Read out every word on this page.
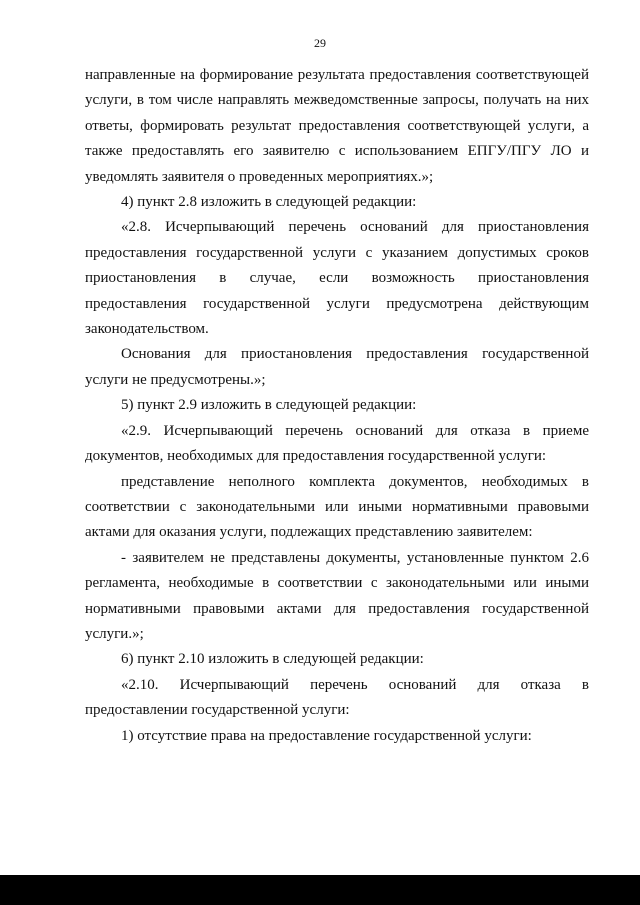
29

направленные на формирование результата предоставления соответствующей услуги, в том числе направлять межведомственные запросы, получать на них ответы, формировать результат предоставления соответствующей услуги, а также предоставлять его заявителю с использованием ЕПГУ/ПГУ ЛО и уведомлять заявителя о проведенных мероприятиях.»;

4) пункт 2.8 изложить в следующей редакции:

«2.8. Исчерпывающий перечень оснований для приостановления предоставления государственной услуги с указанием допустимых сроков приостановления в случае, если возможность приостановления предоставления государственной услуги предусмотрена действующим законодательством.

Основания для приостановления предоставления государственной услуги не предусмотрены.»;

5) пункт 2.9 изложить в следующей редакции:

«2.9. Исчерпывающий перечень оснований для отказа в приеме документов, необходимых для предоставления государственной услуги:

представление неполного комплекта документов, необходимых в соответствии с законодательными или иными нормативными правовыми актами для оказания услуги, подлежащих представлению заявителем:

- заявителем не представлены документы, установленные пунктом 2.6 регламента, необходимые в соответствии с законодательными или иными нормативными правовыми актами для предоставления государственной услуги.»;

6) пункт 2.10 изложить в следующей редакции:

«2.10. Исчерпывающий перечень оснований для отказа в предоставлении государственной услуги:

1) отсутствие права на предоставление государственной услуги:
